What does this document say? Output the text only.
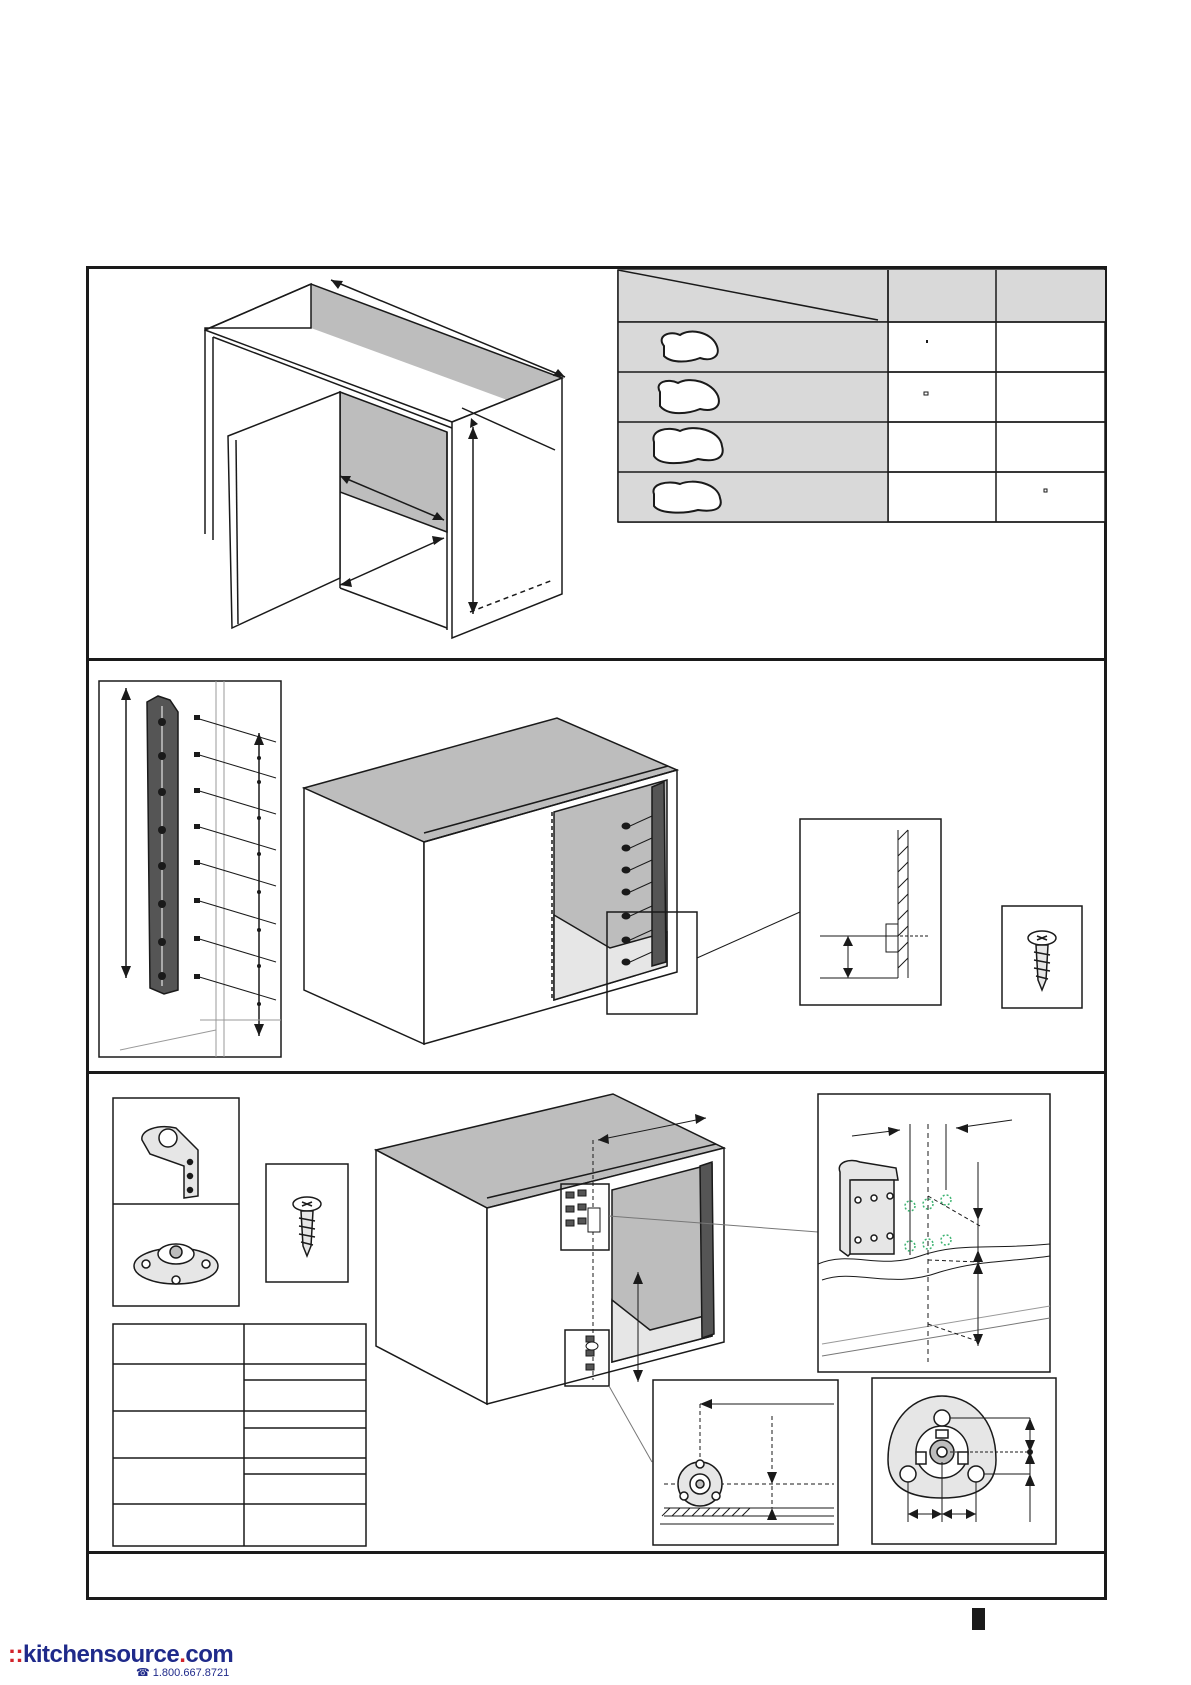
::kitchensource.com
☎ 1.800.667.8721
